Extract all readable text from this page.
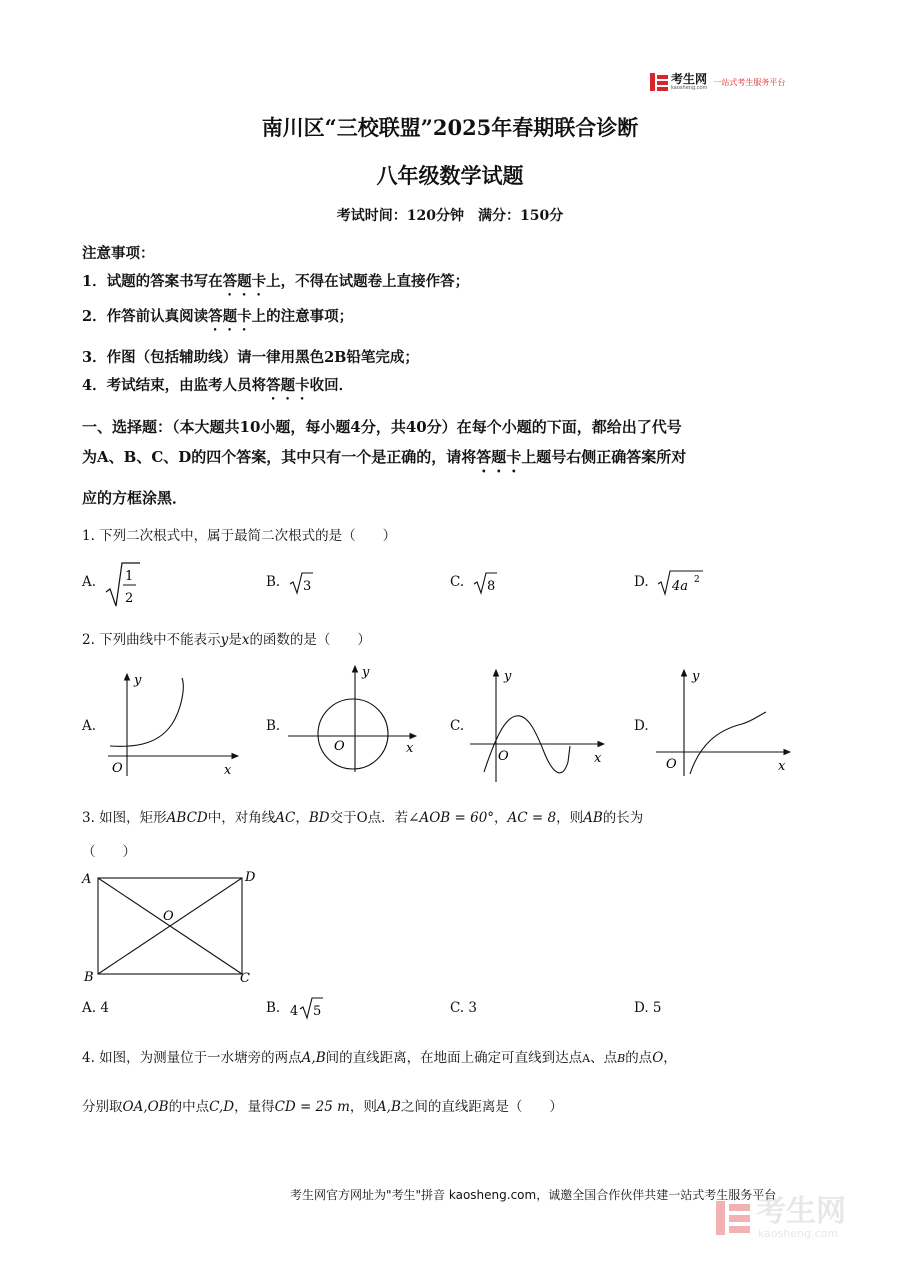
考生网
kaosheng.com
一站式考生服务平台
南川区“三校联盟”2025年春期联合诊断
八年级数学试题
考试时间：120分钟　满分：150分
注意事项：
1．试题的答案书写在答题卡上，不得在试题卷上直接作答；
2．作答前认真阅读答题卡上的注意事项；
3．作图（包括辅助线）请一律用黑色2B铅笔完成；
4．考试结束，由监考人员将答题卡收回．
一、选择题：（本大题共10小题，每小题4分，共40分）在每个小题的下面，都给出了代号
为A、B、C、D的四个答案，其中只有一个是正确的，请将答题卡上题号右侧正确答案所对
应的方框涂黑．
1. 下列二次根式中，属于最简二次根式的是（　　）
A. 1
2
B. 3	C. 8	D. 4a 2
2. 下列曲线中不能表示y是x的函数的是（　　）
A.
y
x
O
B.
y
x
O
C.
y
x
O
D.
y
x
O
3. 如图，矩形ABCD中，对角线AC，BD交于O点．若∠AOB = 60°，AC = 8，则AB的长为
（　　）
A	D
B	C
O
A. 4	B. 4 5	C. 3	D. 5
4. 如图，为测量位于一水塘旁的两点A,B间的直线距离，在地面上确定可直线到达点A、点B的点O，
分别取OA,OB的中点C,D，量得CD = 25 m，则A,B之间的直线距离是（　　）
考生网官方网址为"考生"拼音 kaosheng.com，诚邀全国合作伙伴共建一站式考生服务平台
考生网
kaosheng.com
